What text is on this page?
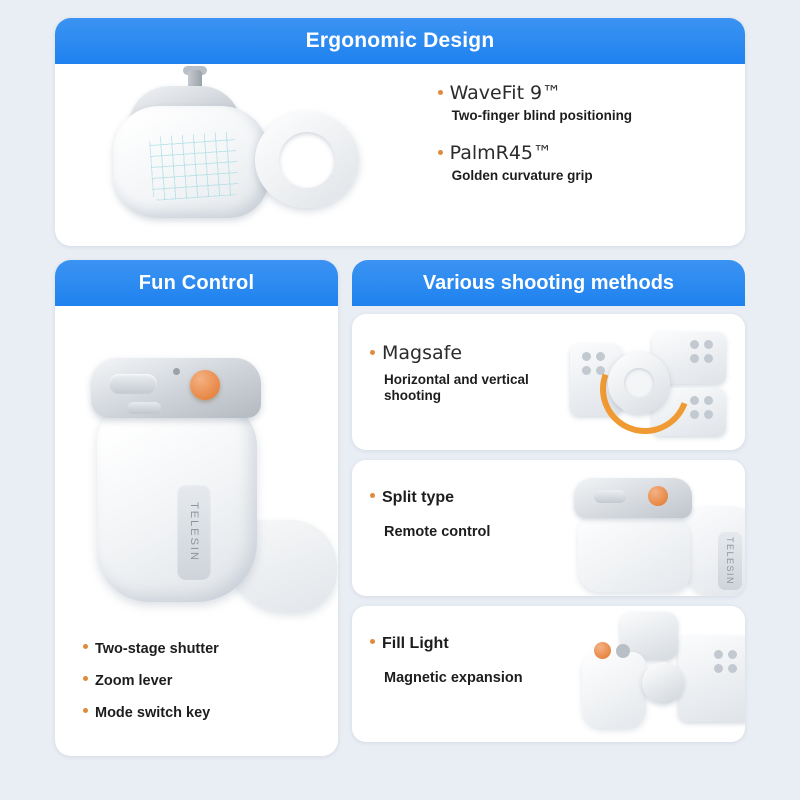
Ergonomic Design
WaveFit 9™
Two-finger blind positioning
PalmR45™
Golden curvature grip
Fun Control
TELESIN
Two-stage shutter
Zoom lever
Mode switch key
Various shooting methods
Magsafe
Horizontal and vertical shooting
Split type
Remote control
TELESIN
Fill Light
Magnetic expansion
